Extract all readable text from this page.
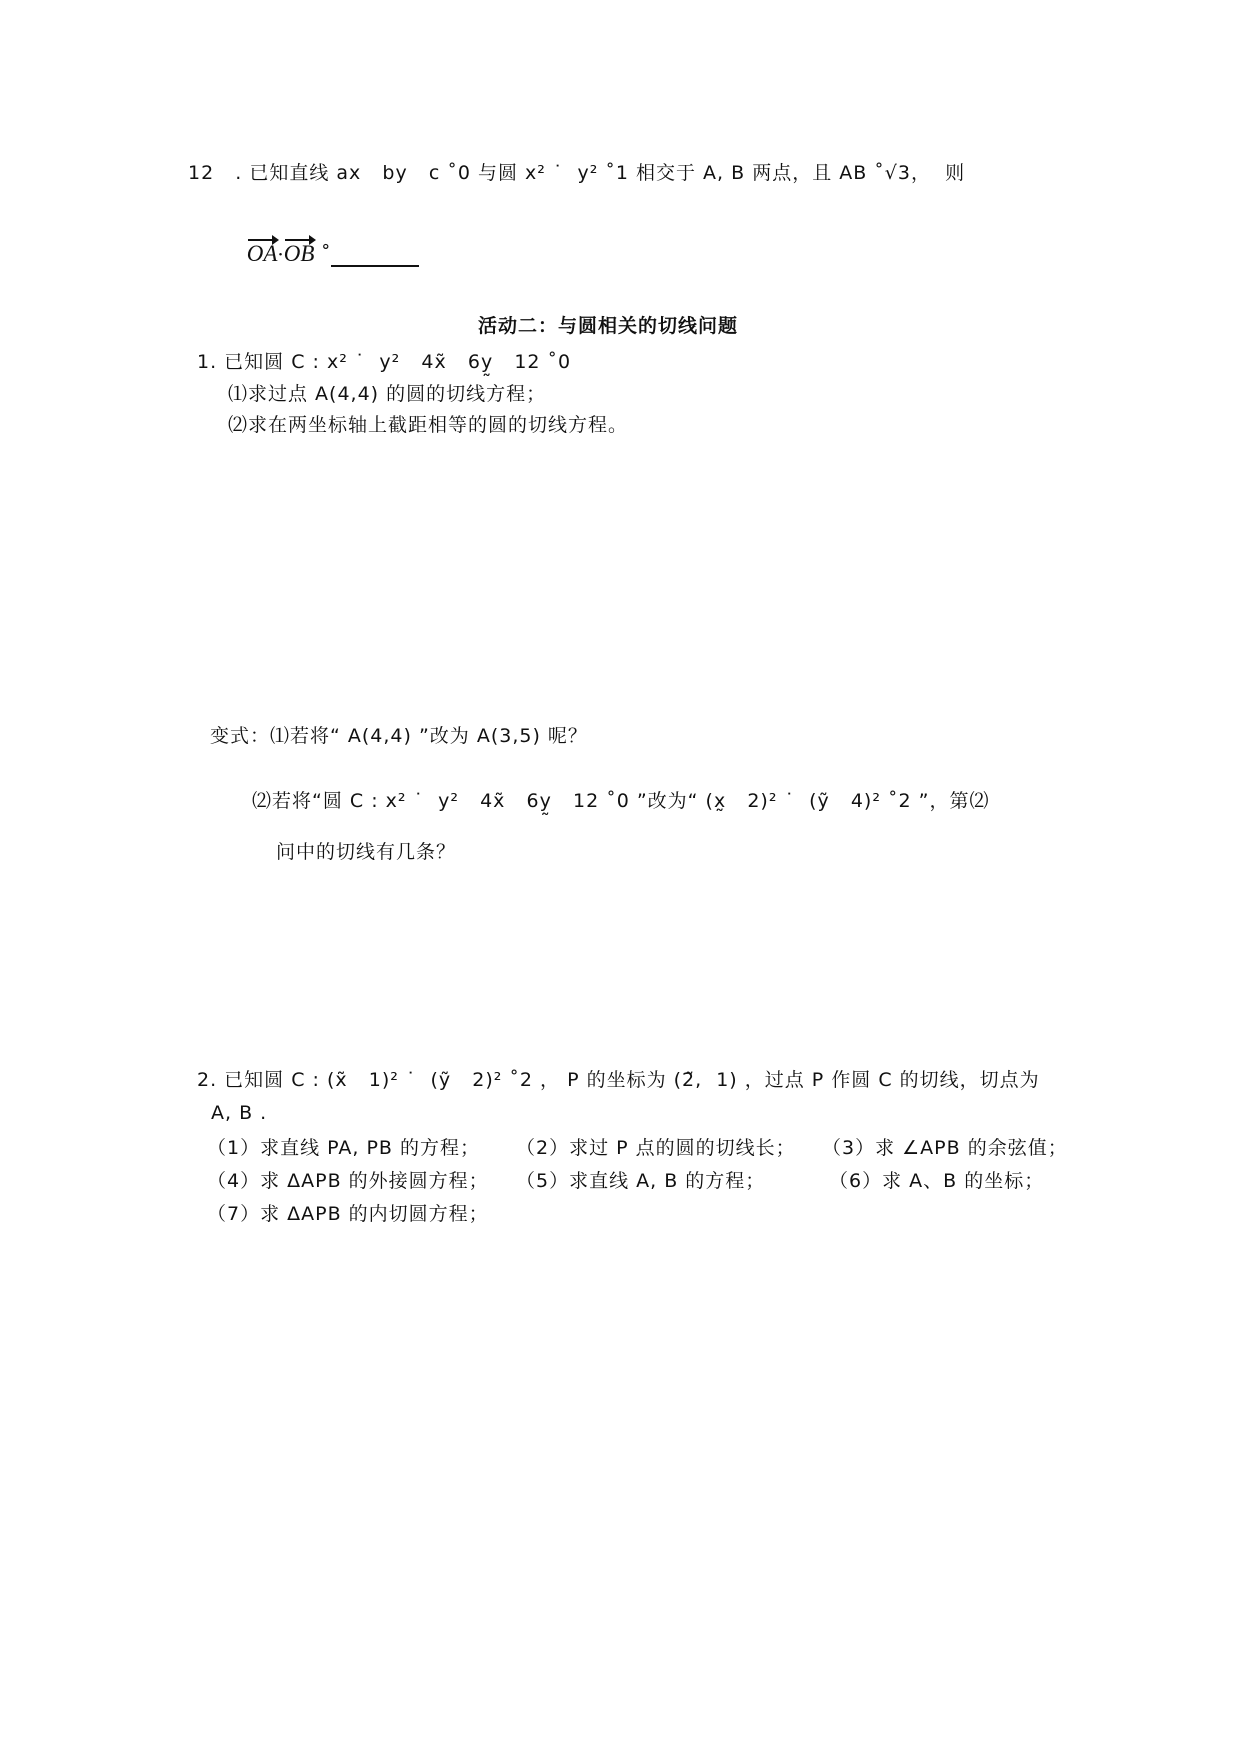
12   . 已知直线 ax   by   c ˚0 与圆 x² ˙  y² ˚1 相交于 A, B 两点，且 AB ˚√3，  则

OA·OB ˚

活动二：与圆相关的切线问题
1. 已知圆 C : x² ˙  y²   4x̃   6y̰   12 ˚0
⑴求过点 A(4,4) 的圆的切线方程；
⑵求在两坐标轴上截距相等的圆的切线方程。
变式：⑴若将“ A(4,4) ”改为 A(3,5) 呢？
⑵若将“圆 C : x² ˙  y²   4x̃   6y̰   12 ˚0 ”改为“ (x̰   2)² ˙  (ỹ   4)² ˚2 ”，第⑵
问中的切线有几条？
2. 已知圆 C : (x̃   1)² ˙  (ỹ   2)² ˚2 ， P 的坐标为 (2̃,  1) ，过点 P 作圆 C 的切线，切点为
A, B .
（1）求直线 PA, PB 的方程； （2）求过 P 点的圆的切线长； （3）求 ∠APB 的余弦值；
（4）求 ΔAPB 的外接圆方程； （5）求直线 A, B 的方程；	（6）求 A、B 的坐标；
（7）求 ΔAPB 的内切圆方程；
